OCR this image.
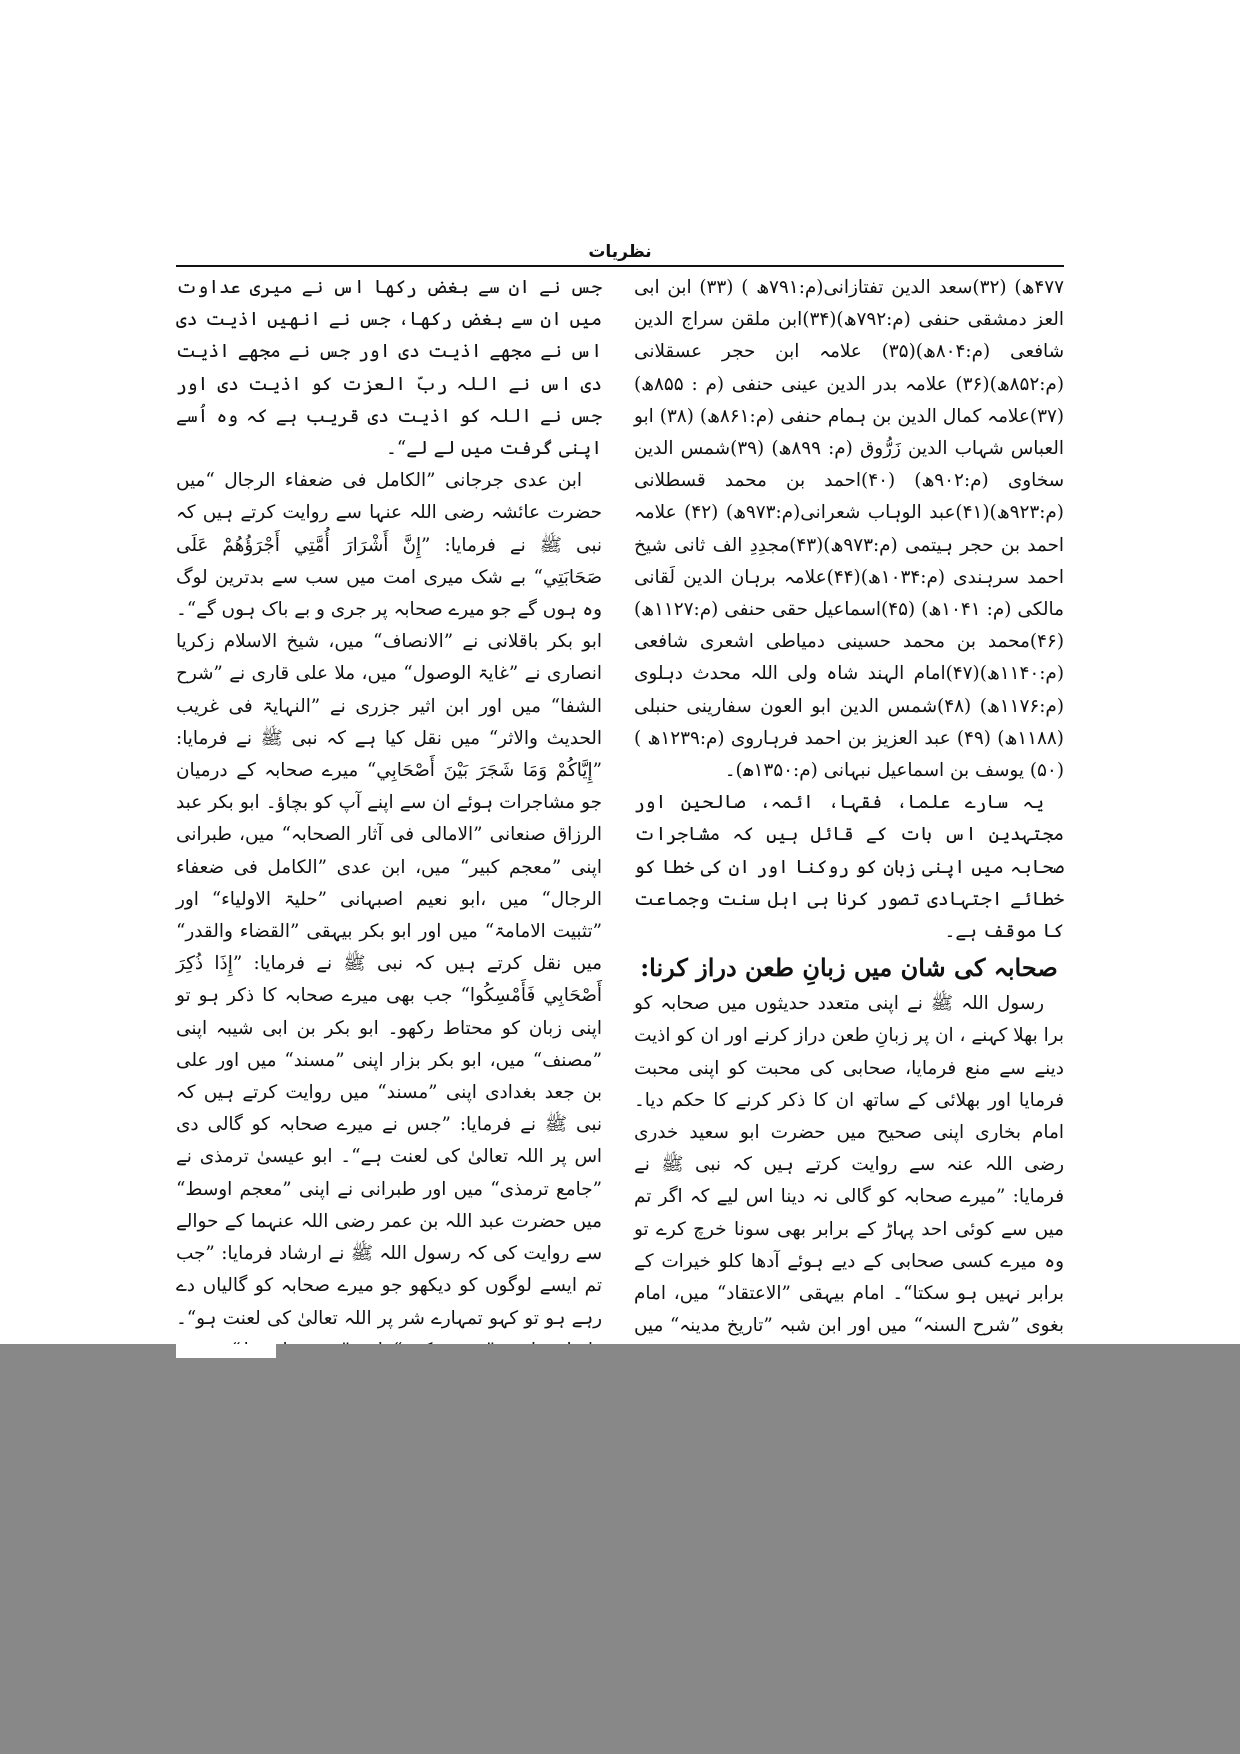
نظریات

۴۷۷ھ) (۳۲)سعد الدین تفتازانی(م:۷۹۱ھ ) (۳۳) ابن ابی العز دمشقی حنفی (م:۷۹۲ھ)(۳۴)ابن ملقن سراج الدین شافعی (م:۸۰۴ھ)(۳۵) علامہ ابن حجر عسقلانی (م:۸۵۲ھ)(۳۶) علامہ بدر الدین عینی حنفی (م : ۸۵۵ھ)(۳۷)علامہ کمال الدین بن ہمام حنفی (م:۸۶۱ھ) (۳۸) ابو العباس شہاب الدین زَرُّوق (م: ۸۹۹ھ) (۳۹)شمس الدین سخاوی (م:۹۰۲ھ) (۴۰)احمد بن محمد قسطلانی (م:۹۲۳ھ)(۴۱)عبد الوہاب شعرانی(م:۹۷۳ھ) (۴۲) علامہ احمد بن حجر ہیتمی (م:۹۷۳ھ)(۴۳)مجدِدِ الف ثانی شیخ احمد سرہندی (م:۱۰۳۴ھ)(۴۴)علامہ برہان الدین لَقانی مالکی (م: ۱۰۴۱ھ) (۴۵)اسماعیل حقی حنفی (م:۱۱۲۷ھ) (۴۶)محمد بن محمد حسینی دمیاطی اشعری شافعی (م:۱۱۴۰ھ)(۴۷)امام الہند شاہ ولی اللہ محدث دہلوی (م:۱۱۷۶ھ) (۴۸)شمس الدین ابو العون سفارینی حنبلی (۱۱۸۸ھ) (۴۹) عبد العزیز بن احمد فرہاروی (م:۱۲۳۹ھ ) (۵۰) یوسف بن اسماعیل نبہانی (م:۱۳۵۰ھ)۔

یہ سارے علما، فقہا، ائمہ، صالحین اور مجتہدین اس بات کے قائل ہیں کہ مشاجرات صحابہ میں اپنی زبان کو روکنا اور ان کی خطا کو خطائے اجتہادی تصور کرنا ہی اہل سنت وجماعت کا موقف ہے۔

صحابہ کی شان میں زبانِ طعن دراز کرنا:

رسول اللہ ﷺ نے اپنی متعدد حدیثوں میں صحابہ کو برا بھلا کہنے ، ان پر زبانِ طعن دراز کرنے اور ان کو اذیت دینے سے منع فرمایا، صحابی کی محبت کو اپنی محبت فرمایا اور بھلائی کے ساتھ ان کا ذکر کرنے کا حکم دیا۔ امام بخاری اپنی صحیح میں حضرت ابو سعید خدری رضی اللہ عنہ سے روایت کرتے ہیں کہ نبی ﷺ نے فرمایا: ”میرے صحابہ کو گالی نہ دینا اس لیے کہ اگر تم میں سے کوئی احد پہاڑ کے برابر بھی سونا خرچ کرے تو وہ میرے کسی صحابی کے دیے ہوئے آدھا کلو خیرات کے برابر نہیں ہو سکتا“۔ امام بیہقی ”الاعتقاد“ میں، امام بغوی ”شرح السنہ“ میں اور ابن شبہ ”تاریخ مدینہ“ میں

جس نے ان سے بغض رکھا اس نے میری عداوت میں ان سے بغض رکھا، جس نے انھیں اذیت دی اس نے مجھے اذیت دی اور جس نے مجھے اذیت دی اس نے اللہ ربّ العزت کو اذیت دی اور جس نے اللہ کو اذیت دی قریب ہے کہ وہ اُسے اپنی گرفت میں لے لے“۔

ابن عدی جرجانی ”الکامل فی ضعفاء الرجال “میں حضرت عائشہ رضی اللہ عنہا سے روایت کرتے ہیں کہ نبی ﷺ نے فرمایا: ”إِنَّ أَشْرَارَ أُمَّتِي أَجْرَؤُهُمْ عَلَى صَحَابَتِي“ بے شک میری امت میں سب سے بدترین لوگ وہ ہوں گے جو میرے صحابہ پر جری و بے باک ہوں گے“۔ ابو بکر باقلانی نے ”الانصاف“ میں، شیخ الاسلام زکریا انصاری نے ”غایۃ الوصول“ میں، ملا علی قاری نے ”شرح الشفا“ میں اور ابن اثیر جزری نے ”النہایۃ فی غریب الحدیث والاثر“ میں نقل کیا ہے کہ نبی ﷺ نے فرمایا: ”إِيَّاكُمْ وَمَا شَجَرَ بَيْنَ أَصْحَابِي“ میرے صحابہ کے درمیان جو مشاجرات ہوئے ان سے اپنے آپ کو بچاؤ۔ ابو بکر عبد الرزاق صنعانی ”الامالی فی آثار الصحابہ“ میں، طبرانی اپنی ”معجم کبیر“ میں، ابن عدی ”الکامل فی ضعفاء الرجال“ میں ،ابو نعیم اصبہانی ”حلیۃ الاولیاء“ اور ”تثبیت الامامۃ“ میں اور ابو بکر بیہقی ”القضاء والقدر“ میں نقل کرتے ہیں کہ نبی ﷺ نے فرمایا: ”إِذَا ذُكِرَ أَصْحَابِي فَأَمْسِكُوا“ جب بھی میرے صحابہ کا ذکر ہو تو اپنی زبان کو محتاط رکھو۔ ابو بکر بن ابی شیبہ اپنی ”مصنف“ میں، ابو بکر بزار اپنی ”مسند“ میں اور علی بن جعد بغدادی اپنی ”مسند“ میں روایت کرتے ہیں کہ نبی ﷺ نے فرمایا: ”جس نے میرے صحابہ کو گالی دی اس پر اللہ تعالیٰ کی لعنت ہے“۔ ابو عیسیٰ ترمذی نے ”جامع ترمذی“ میں اور طبرانی نے اپنی ”معجم اوسط“ میں حضرت عبد اللہ بن عمر رضی اللہ عنہما کے حوالے سے روایت کی کہ رسول اللہ ﷺ نے ارشاد فرمایا: ”جب تم ایسے لوگوں کو دیکھو جو میرے صحابہ کو گالیاں دے رہے ہو تو کہو تمہارے شر پر اللہ تعالیٰ کی لعنت ہو“۔
